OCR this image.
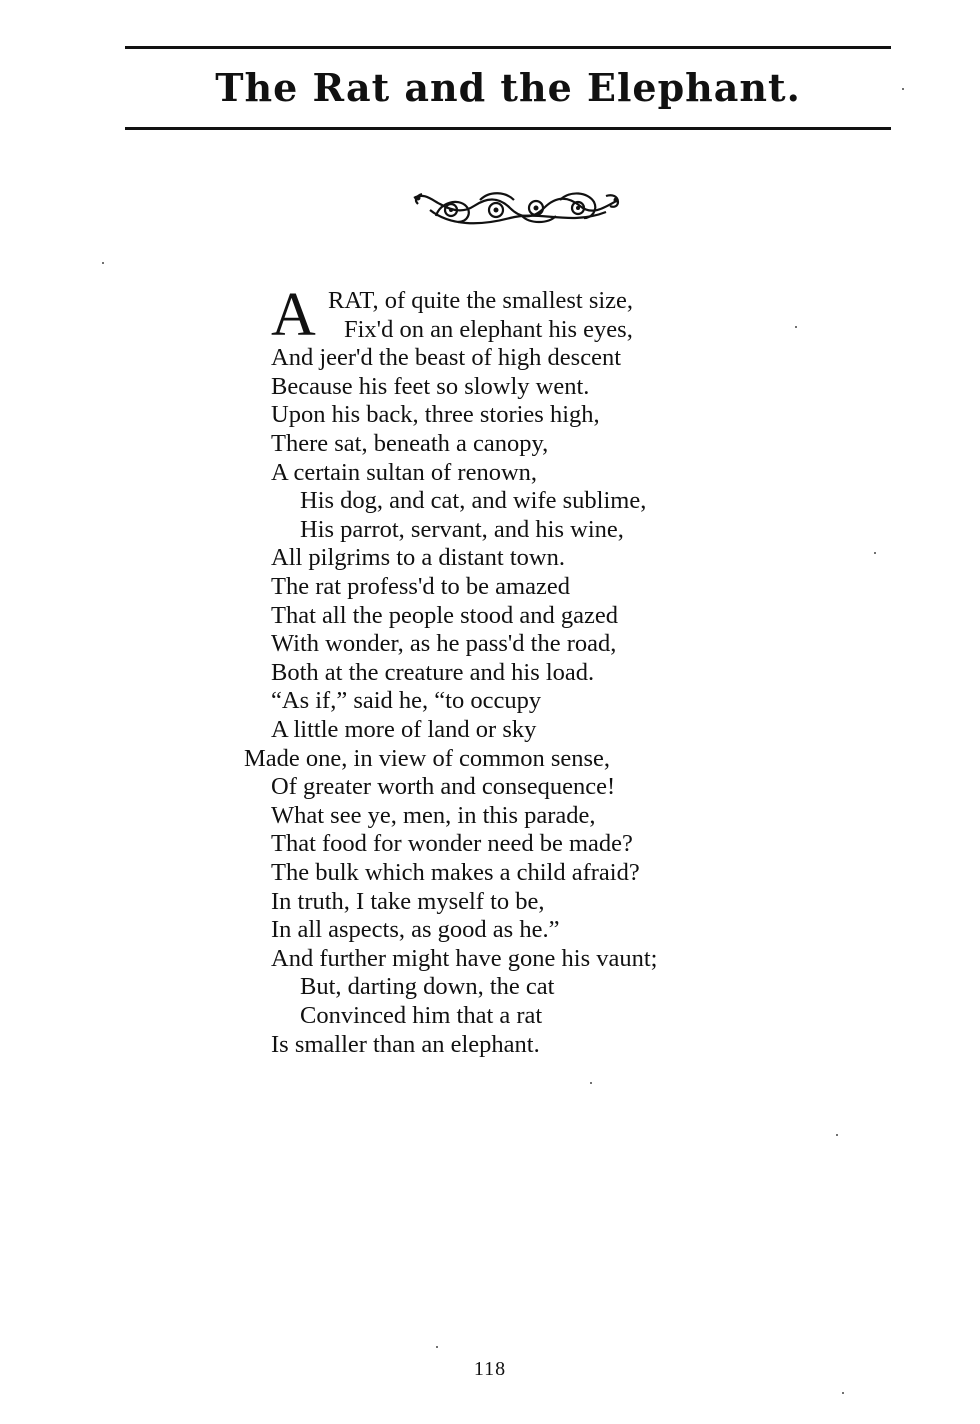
The Rat and the Elephant.
A RAT, of quite the smallest size,
Fix'd on an elephant his eyes,
And jeer'd the beast of high descent
Because his feet so slowly went.
Upon his back, three stories high,
There sat, beneath a canopy,
A certain sultan of renown,
His dog, and cat, and wife sublime,
His parrot, servant, and his wine,
All pilgrims to a distant town.
The rat profess'd to be amazed
That all the people stood and gazed
With wonder, as he pass'd the road,
Both at the creature and his load.
“As if,” said he, “to occupy
A little more of land or sky
Made one, in view of common sense,
Of greater worth and consequence!
What see ye, men, in this parade,
That food for wonder need be made?
The bulk which makes a child afraid?
In truth, I take myself to be,
In all aspects, as good as he.”
And further might have gone his vaunt;
But, darting down, the cat
Convinced him that a rat
Is smaller than an elephant.
118
